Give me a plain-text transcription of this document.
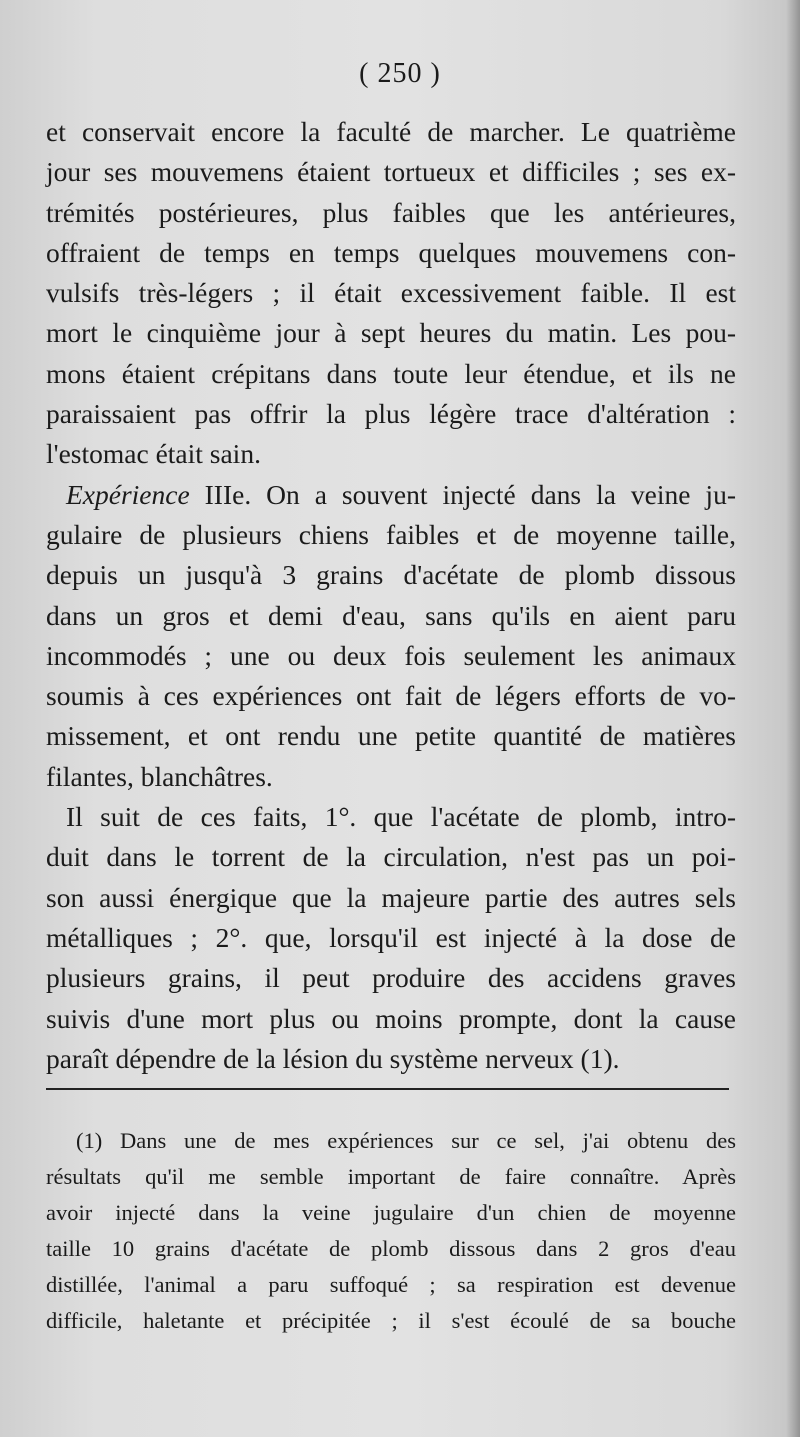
( 250 )
et conservait encore la faculté de marcher. Le quatrième
jour ses mouvemens étaient tortueux et difficiles ; ses ex-
trémités postérieures, plus faibles que les antérieures,
offraient de temps en temps quelques mouvemens con-
vulsifs très-légers ; il était excessivement faible. Il est
mort le cinquième jour à sept heures du matin. Les pou-
mons étaient crépitans dans toute leur étendue, et ils ne
paraissaient pas offrir la plus légère trace d'altération :
l'estomac était sain.
Expérience IIIe. On a souvent injecté dans la veine ju-
gulaire de plusieurs chiens faibles et de moyenne taille,
depuis un jusqu'à 3 grains d'acétate de plomb dissous
dans un gros et demi d'eau, sans qu'ils en aient paru
incommodés ; une ou deux fois seulement les animaux
soumis à ces expériences ont fait de légers efforts de vo-
missement, et ont rendu une petite quantité de matières
filantes, blanchâtres.
Il suit de ces faits, 1°. que l'acétate de plomb, intro-
duit dans le torrent de la circulation, n'est pas un poi-
son aussi énergique que la majeure partie des autres sels
métalliques ; 2°. que, lorsqu'il est injecté à la dose de
plusieurs grains, il peut produire des accidens graves
suivis d'une mort plus ou moins prompte, dont la cause
paraît dépendre de la lésion du système nerveux (1).
(1) Dans une de mes expériences sur ce sel, j'ai obtenu des
résultats qu'il me semble important de faire connaître. Après
avoir injecté dans la veine jugulaire d'un chien de moyenne
taille 10 grains d'acétate de plomb dissous dans 2 gros d'eau
distillée, l'animal a paru suffoqué ; sa respiration est devenue
difficile, haletante et précipitée ; il s'est écoulé de sa bouche
